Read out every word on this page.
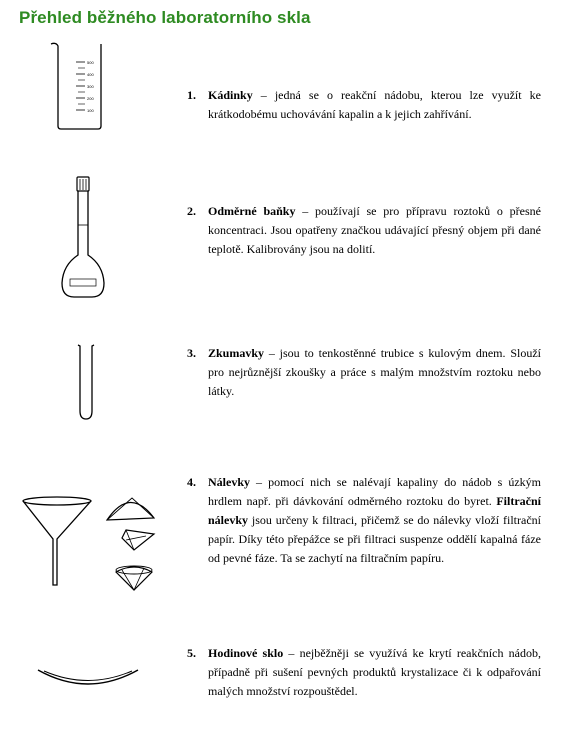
Přehled běžného laboratorního skla
500
400
300
200
100
1. Kádinky – jedná se o reakční nádobu, kterou lze využít ke krátkodobému uchovávání kapalin a k jejich zahřívání.
2. Odměrné baňky – používají se pro přípravu roztoků o přesné koncentraci. Jsou opatřeny značkou udávající přesný objem při dané teplotě. Kalibrovány jsou na dolití.
3. Zkumavky – jsou to tenkostěnné trubice s kulovým dnem. Slouží pro nejrůznější zkoušky a práce s malým množstvím roztoku nebo látky.
4. Nálevky – pomocí nich se nalévají kapaliny do nádob s úzkým hrdlem např. při dávkování odměrného roztoku do byret. Filtrační nálevky jsou určeny k filtraci, přičemž se do nálevky vloží filtrační papír. Díky této přepážce se při filtraci suspenze oddělí kapalná fáze od pevné fáze. Ta se zachytí na filtračním papíru.
5. Hodinové sklo – nejběžněji se využívá ke krytí reakčních nádob, případně při sušení pevných produktů krystalizace či k odpařování malých množství rozpouštědel.
